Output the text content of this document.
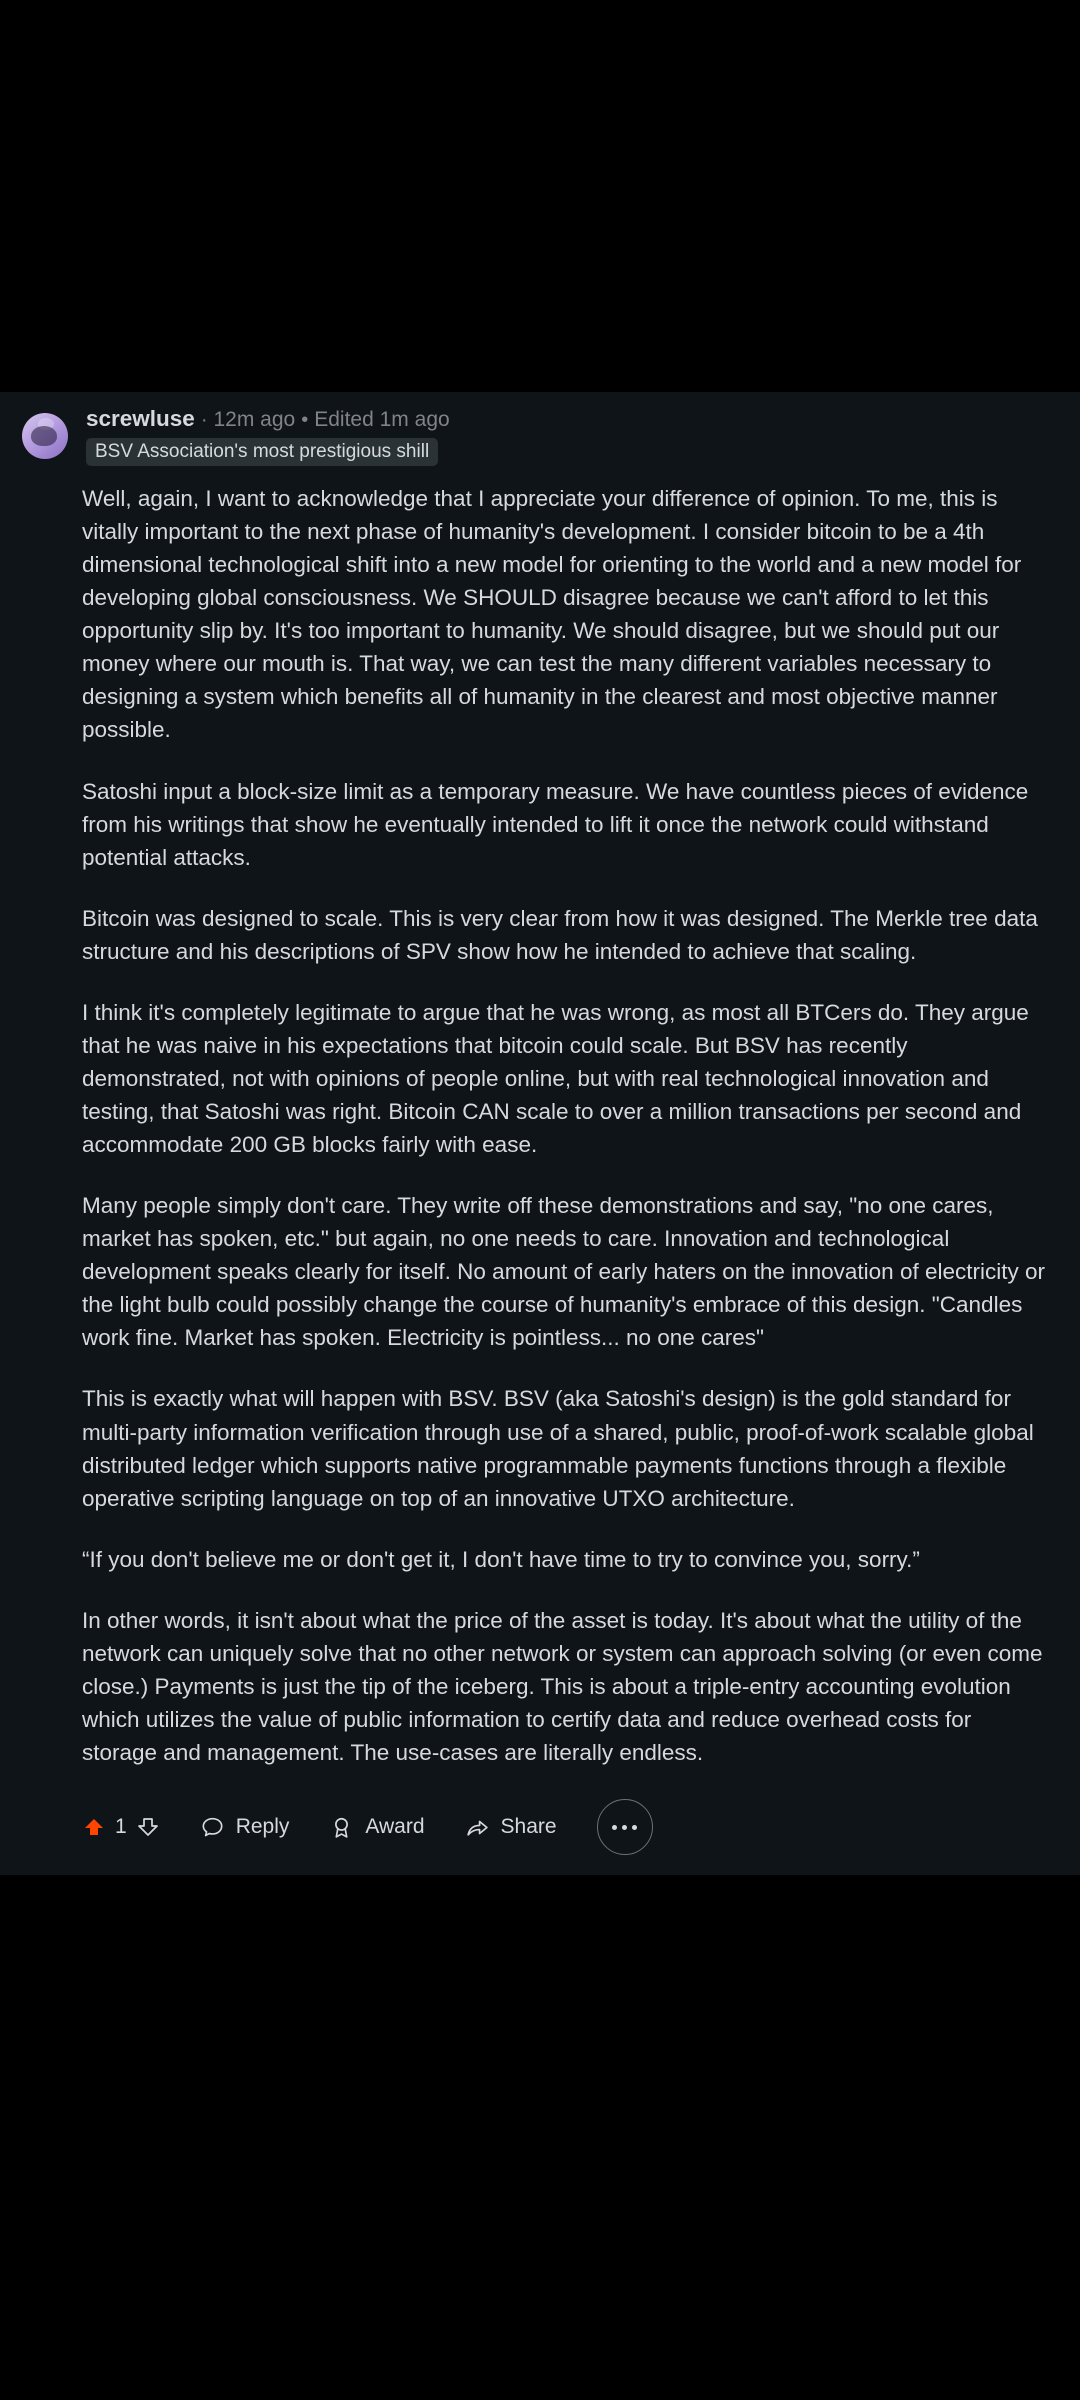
screwluse · 12m ago • Edited 1m ago
BSV Association's most prestigious shill

Well, again, I want to acknowledge that I appreciate your difference of opinion. To me, this is vitally important to the next phase of humanity's development. I consider bitcoin to be a 4th dimensional technological shift into a new model for orienting to the world and a new model for developing global consciousness. We SHOULD disagree because we can't afford to let this opportunity slip by. It's too important to humanity. We should disagree, but we should put our money where our mouth is. That way, we can test the many different variables necessary to designing a system which benefits all of humanity in the clearest and most objective manner possible.

Satoshi input a block-size limit as a temporary measure. We have countless pieces of evidence from his writings that show he eventually intended to lift it once the network could withstand potential attacks.

Bitcoin was designed to scale. This is very clear from how it was designed. The Merkle tree data structure and his descriptions of SPV show how he intended to achieve that scaling.

I think it's completely legitimate to argue that he was wrong, as most all BTCers do. They argue that he was naive in his expectations that bitcoin could scale. But BSV has recently demonstrated, not with opinions of people online, but with real technological innovation and testing, that Satoshi was right. Bitcoin CAN scale to over a million transactions per second and accommodate 200 GB blocks fairly with ease.

Many people simply don't care. They write off these demonstrations and say, "no one cares, market has spoken, etc." but again, no one needs to care. Innovation and technological development speaks clearly for itself. No amount of early haters on the innovation of electricity or the light bulb could possibly change the course of humanity's embrace of this design. "Candles work fine. Market has spoken. Electricity is pointless... no one cares"

This is exactly what will happen with BSV. BSV (aka Satoshi's design) is the gold standard for multi-party information verification through use of a shared, public, proof-of-work scalable global distributed ledger which supports native programmable payments functions through a flexible operative scripting language on top of an innovative UTXO architecture.

“If you don't believe me or don't get it, I don't have time to try to convince you, sorry.”

In other words, it isn't about what the price of the asset is today. It's about what the utility of the network can uniquely solve that no other network or system can approach solving (or even come close.) Payments is just the tip of the iceberg. This is about a triple-entry accounting evolution which utilizes the value of public information to certify data and reduce overhead costs for storage and management. The use-cases are literally endless.

1	Reply	Award	Share
